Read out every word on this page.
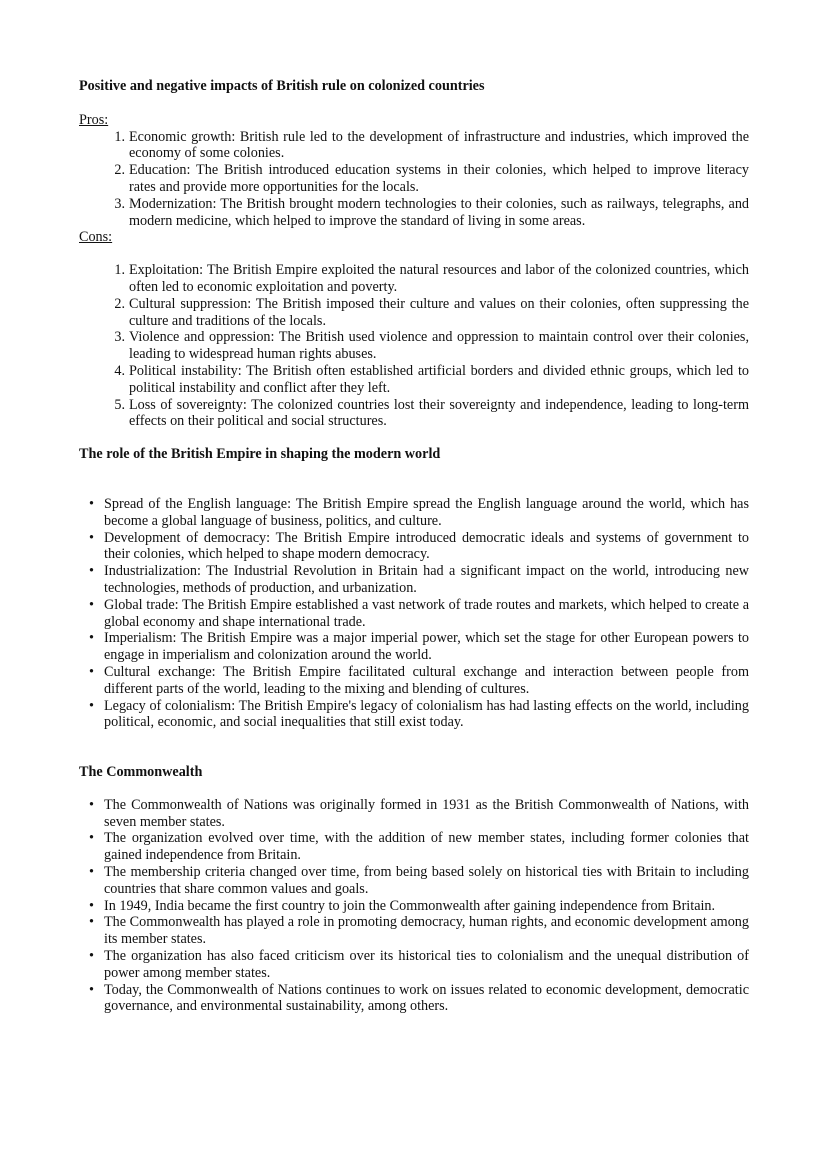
Positive and negative impacts of British rule on colonized countries

Pros:

1. Economic growth: British rule led to the development of infrastructure and industries, which improved the economy of some colonies.
2. Education: The British introduced education systems in their colonies, which helped to improve literacy rates and provide more opportunities for the locals.
3. Modernization: The British brought modern technologies to their colonies, such as railways, telegraphs, and modern medicine, which helped to improve the standard of living in some areas.

Cons:

1. Exploitation: The British Empire exploited the natural resources and labor of the colonized countries, which often led to economic exploitation and poverty.
2. Cultural suppression: The British imposed their culture and values on their colonies, often suppressing the culture and traditions of the locals.
3. Violence and oppression: The British used violence and oppression to maintain control over their colonies, leading to widespread human rights abuses.
4. Political instability: The British often established artificial borders and divided ethnic groups, which led to political instability and conflict after they left.
5. Loss of sovereignty: The colonized countries lost their sovereignty and independence, leading to long-term effects on their political and social structures.
The role of the British Empire in shaping the modern world
• Spread of the English language: The British Empire spread the English language around the world, which has become a global language of business, politics, and culture.
• Development of democracy: The British Empire introduced democratic ideals and systems of government to their colonies, which helped to shape modern democracy.
• Industrialization: The Industrial Revolution in Britain had a significant impact on the world, introducing new technologies, methods of production, and urbanization.
• Global trade: The British Empire established a vast network of trade routes and markets, which helped to create a global economy and shape international trade.
• Imperialism: The British Empire was a major imperial power, which set the stage for other European powers to engage in imperialism and colonization around the world.
• Cultural exchange: The British Empire facilitated cultural exchange and interaction between people from different parts of the world, leading to the mixing and blending of cultures.
• Legacy of colonialism: The British Empire's legacy of colonialism has had lasting effects on the world, including political, economic, and social inequalities that still exist today.
The Commonwealth
• The Commonwealth of Nations was originally formed in 1931 as the British Commonwealth of Nations, with seven member states.
• The organization evolved over time, with the addition of new member states, including former colonies that gained independence from Britain.
• The membership criteria changed over time, from being based solely on historical ties with Britain to including countries that share common values and goals.
• In 1949, India became the first country to join the Commonwealth after gaining independence from Britain.
• The Commonwealth has played a role in promoting democracy, human rights, and economic development among its member states.
• The organization has also faced criticism over its historical ties to colonialism and the unequal distribution of power among member states.
• Today, the Commonwealth of Nations continues to work on issues related to economic development, democratic governance, and environmental sustainability, among others.
